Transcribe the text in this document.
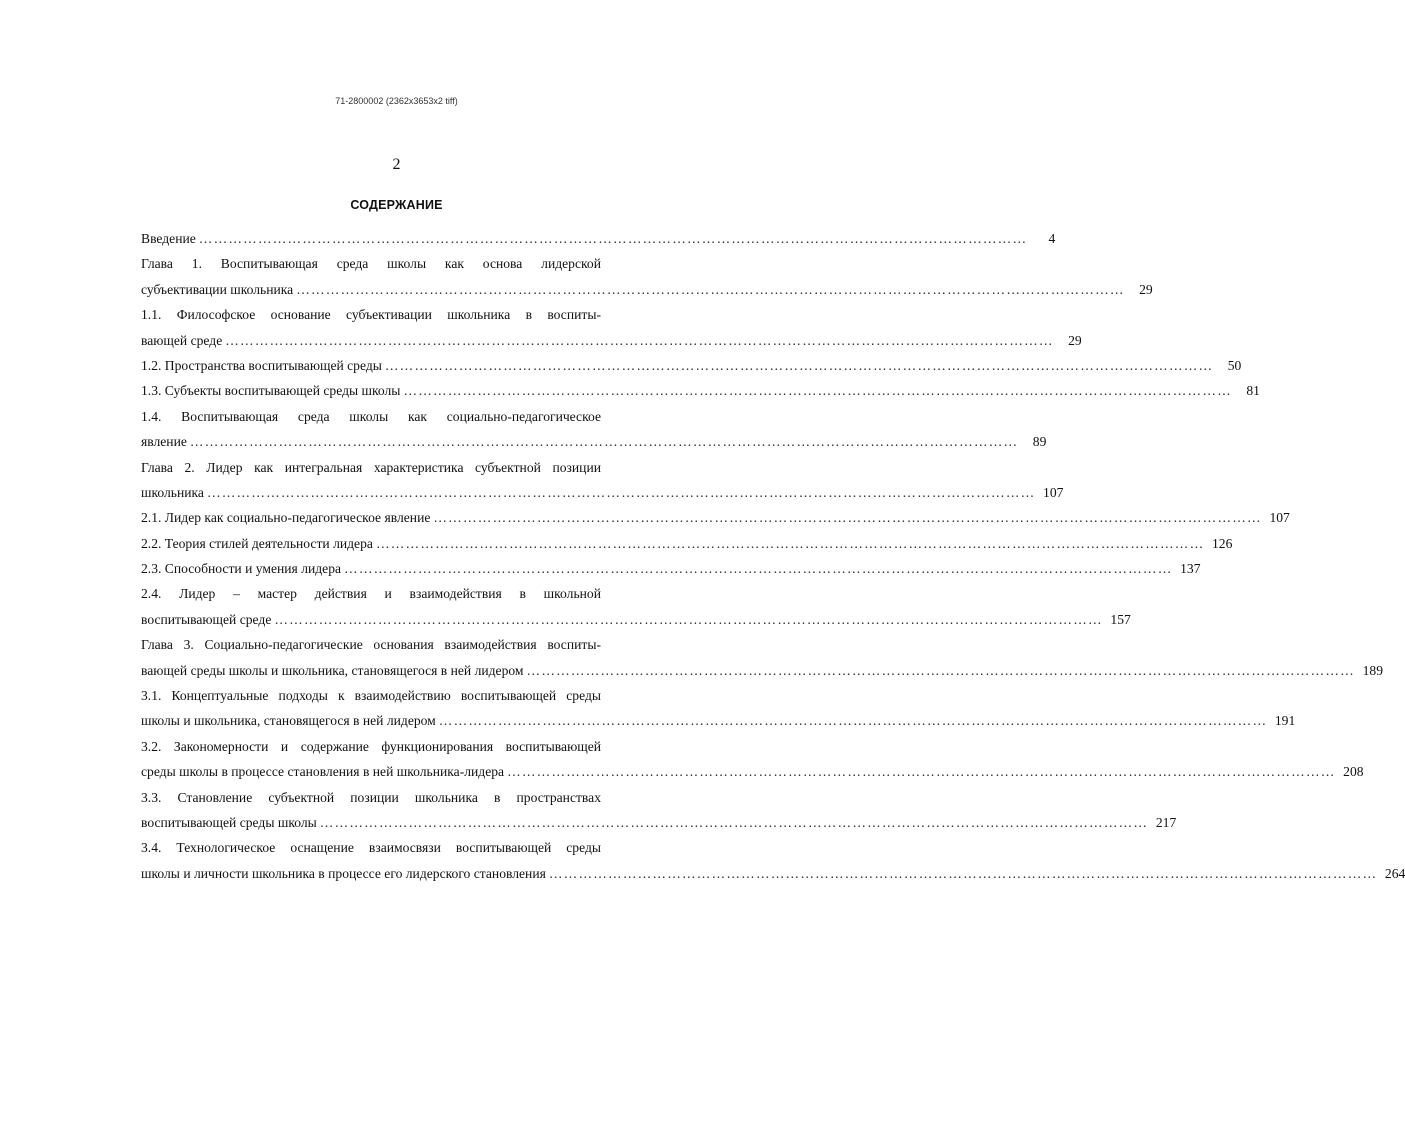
71-2800002 (2362x3653x2 tiff)
2
СОДЕРЖАНИЕ
Введение ……………………………………………………………………………………………………………………………………………………	4
Глава 1. Воспитывающая среда школы как основа лидерской
субъективации школьника ……………………………………………………………………………………………………………………………………………………	29
1.1. Философское основание субъективации школьника в воспиты-
вающей среде ……………………………………………………………………………………………………………………………………………………	29
1.2. Пространства воспитывающей среды ……………………………………………………………………………………………………………………………………………………	50
1.3. Субъекты воспитывающей среды школы ……………………………………………………………………………………………………………………………………………………	81
1.4. Воспитывающая среда школы как социально-педагогическое
явление ……………………………………………………………………………………………………………………………………………………	89
Глава 2. Лидер как интегральная характеристика субъектной позиции
школьника …………………………………………………………………………………………………………………………………………………… 107
2.1. Лидер как социально-педагогическое явление …………………………………………………………………………………………………………………………………………………… 107
2.2. Теория стилей деятельности лидера …………………………………………………………………………………………………………………………………………………… 126
2.3. Способности и умения лидера …………………………………………………………………………………………………………………………………………………… 137
2.4. Лидер – мастер действия и взаимодействия в школьной
воспитывающей среде …………………………………………………………………………………………………………………………………………………… 157
Глава 3. Социально-педагогические основания взаимодействия воспиты-
вающей среды школы и школьника, становящегося в ней лидером …………………………………………………………………………………………………………………………………………………… 189
3.1. Концептуальные подходы к взаимодействию воспитывающей среды
школы и школьника, становящегося в ней лидером …………………………………………………………………………………………………………………………………………………… 191
3.2. Закономерности и содержание функционирования воспитывающей
среды школы в процессе становления в ней школьника-лидера …………………………………………………………………………………………………………………………………………………… 208
3.3. Становление субъектной позиции школьника в пространствах
воспитывающей среды школы …………………………………………………………………………………………………………………………………………………… 217
3.4. Технологическое оснащение взаимосвязи воспитывающей среды
школы и личности школьника в процессе его лидерского становления …………………………………………………………………………………………………………………………………………………… 264
